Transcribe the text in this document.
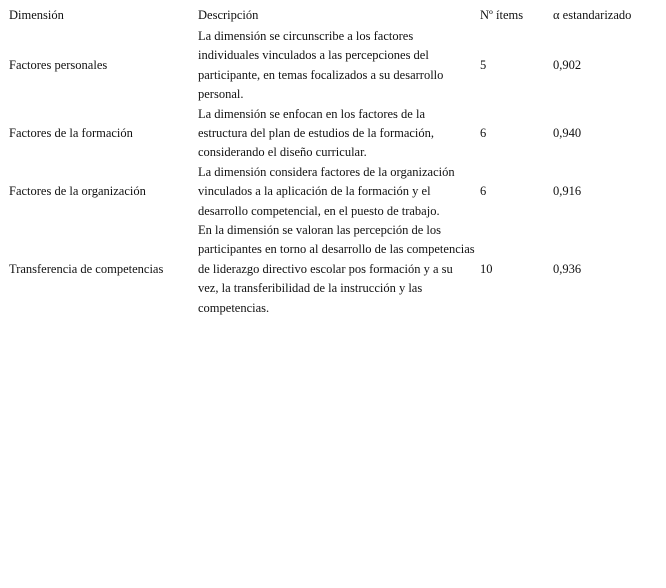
Dimensión	Descripción	Nº ítems	α estandarizado
Factores personales	La dimensión se circunscribe a los factores individuales vinculados a las percepciones del participante, en temas focalizados a su desarrollo personal.	5	0,902
Factores de la formación	La dimensión se enfocan en los factores de la estructura del plan de estudios de la formación, considerando el diseño curricular.	6	0,940
Factores de la organización	La dimensión considera factores de la organización vinculados a la aplicación de la formación y el desarrollo competencial, en el puesto de trabajo.	6	0,916
Transferencia de competencias	En la dimensión se valoran las percepción de los participantes en torno al desarrollo de las competencias de liderazgo directivo escolar pos formación y a su vez, la transferibilidad de la instrucción y las competencias.	10	0,936
